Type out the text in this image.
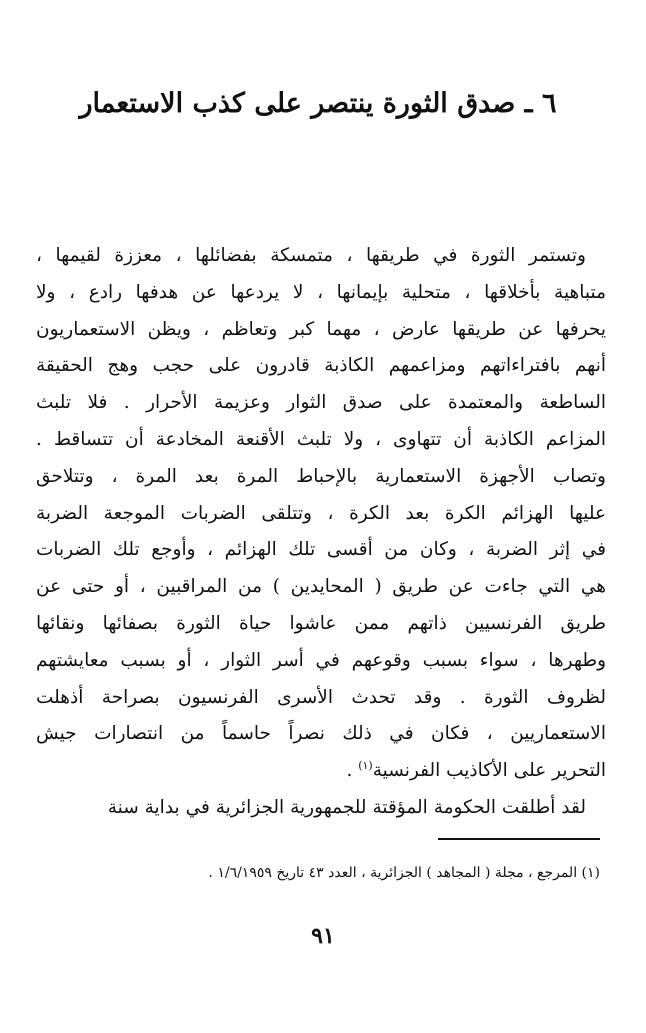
٦ ـ صدق الثورة ينتصر على كذب الاستعمار
وتستمر الثورة في طريقها ، متمسكة بفضائلها ، معززة لقيمها ،
متباهية بأخلاقها ، متحلية بإيمانها ، لا يردعها عن هدفها رادع ، ولا
يحرفها عن طريقها عارض ، مهما كبر وتعاظم ، ويظن الاستعماريون
أنهم بافتراءاتهم ومزاعمهم الكاذبة قادرون على حجب وهج الحقيقة
الساطعة والمعتمدة على صدق الثوار وعزيمة الأحرار . فلا تلبث
المزاعم الكاذبة أن تتهاوى ، ولا تلبث الأقنعة المخادعة أن تتساقط .
وتصاب الأجهزة الاستعمارية بالإحباط المرة بعد المرة ، وتتلاحق
عليها الهزائم الكرة بعد الكرة ، وتتلقى الضربات الموجعة الضربة
في إثر الضربة ، وكان من أقسى تلك الهزائم ، وأوجع تلك الضربات
هي التي جاءت عن طريق ( المحايدين ) من المراقبين ، أو حتى عن
طريق الفرنسيين ذاتهم ممن عاشوا حياة الثورة بصفائها ونقائها
وطهرها ، سواء بسبب وقوعهم في أسر الثوار ، أو بسبب معايشتهم
لظروف الثورة . وقد تحدث الأسرى الفرنسيون بصراحة أذهلت
الاستعماريين ، فكان في ذلك نصراً حاسماً من انتصارات جيش
التحرير على الأكاذيب الفرنسية$^{(١)}$ .
لقد أطلقت الحكومة المؤقتة للجمهورية الجزائرية في بداية سنة
(١) المرجع ، مجلة ( المجاهد ) الجزائرية ، العدد ٤٣ تاريخ ١/٦/١٩٥٩ .
٩١
